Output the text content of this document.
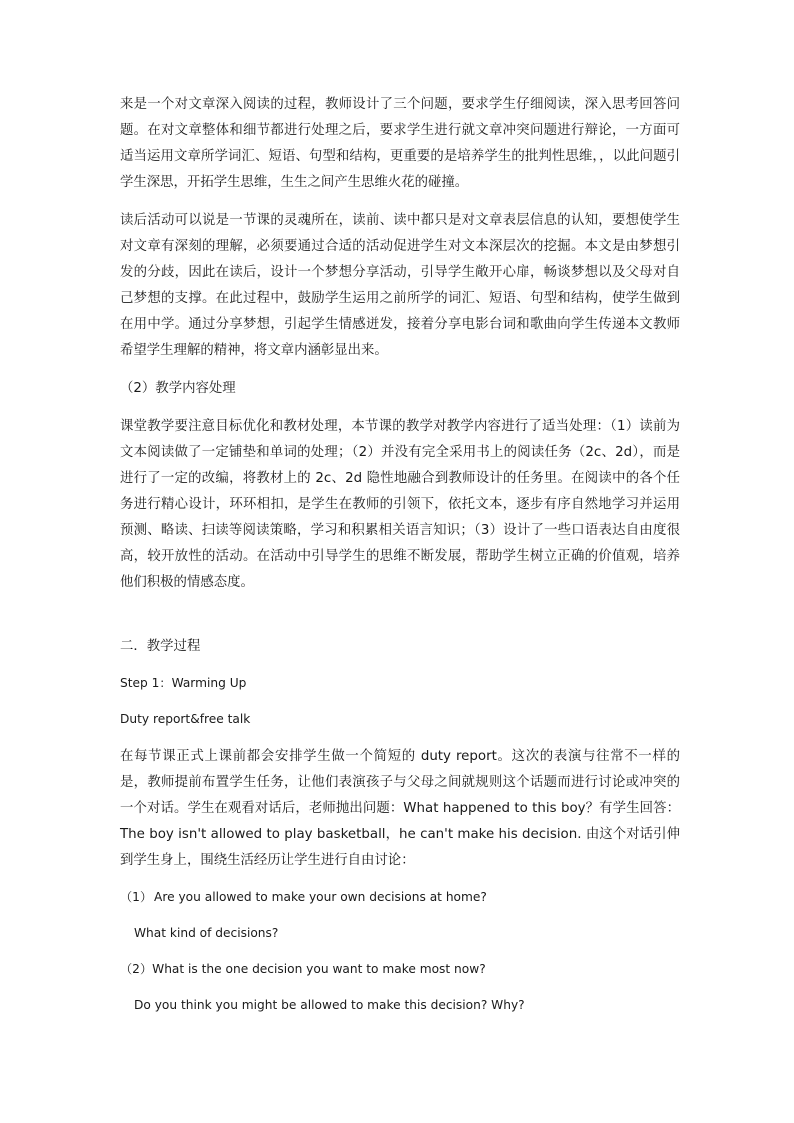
来是一个对文章深入阅读的过程，教师设计了三个问题，要求学生仔细阅读，深入思考回答问题。在对文章整体和细节都进行处理之后，要求学生进行就文章冲突问题进行辩论，一方面可适当运用文章所学词汇、短语、句型和结构，更重要的是培养学生的批判性思维，，以此问题引学生深思，开拓学生思维，生生之间产生思维火花的碰撞。

读后活动可以说是一节课的灵魂所在，读前、读中都只是对文章表层信息的认知，要想使学生对文章有深刻的理解，必须要通过合适的活动促进学生对文本深层次的挖掘。本文是由梦想引发的分歧，因此在读后，设计一个梦想分享活动，引导学生敞开心扉，畅谈梦想以及父母对自己梦想的支撑。在此过程中，鼓励学生运用之前所学的词汇、短语、句型和结构，使学生做到在用中学。通过分享梦想，引起学生情感迸发，接着分享电影台词和歌曲向学生传递本文教师希望学生理解的精神，将文章内涵彰显出来。

（2）教学内容处理

课堂教学要注意目标优化和教材处理，本节课的教学对教学内容进行了适当处理：（1）读前为文本阅读做了一定铺垫和单词的处理；（2）并没有完全采用书上的阅读任务（2c、2d），而是进行了一定的改编，将教材上的 2c、2d 隐性地融合到教师设计的任务里。在阅读中的各个任务进行精心设计，环环相扣，是学生在教师的引领下，依托文本，逐步有序自然地学习并运用预测、略读、扫读等阅读策略，学习和积累相关语言知识；（3）设计了一些口语表达自由度很高，较开放性的活动。在活动中引导学生的思维不断发展，帮助学生树立正确的价值观，培养他们积极的情感态度。

二．教学过程

Step 1：Warming Up

Duty report&free talk

在每节课正式上课前都会安排学生做一个简短的 duty report。这次的表演与往常不一样的是，教师提前布置学生任务，让他们表演孩子与父母之间就规则这个话题而进行讨论或冲突的一个对话。学生在观看对话后，老师抛出问题：What happened to this boy？有学生回答：The boy isn't allowed to play basketball，he can't make his decision. 由这个对话引伸到学生身上，围绕生活经历让学生进行自由讨论：

（1） Are you allowed to make your own decisions at home?

What kind of decisions?

（2）What is the one decision you want to make most now?

Do you think you might be allowed to make this decision? Why?
